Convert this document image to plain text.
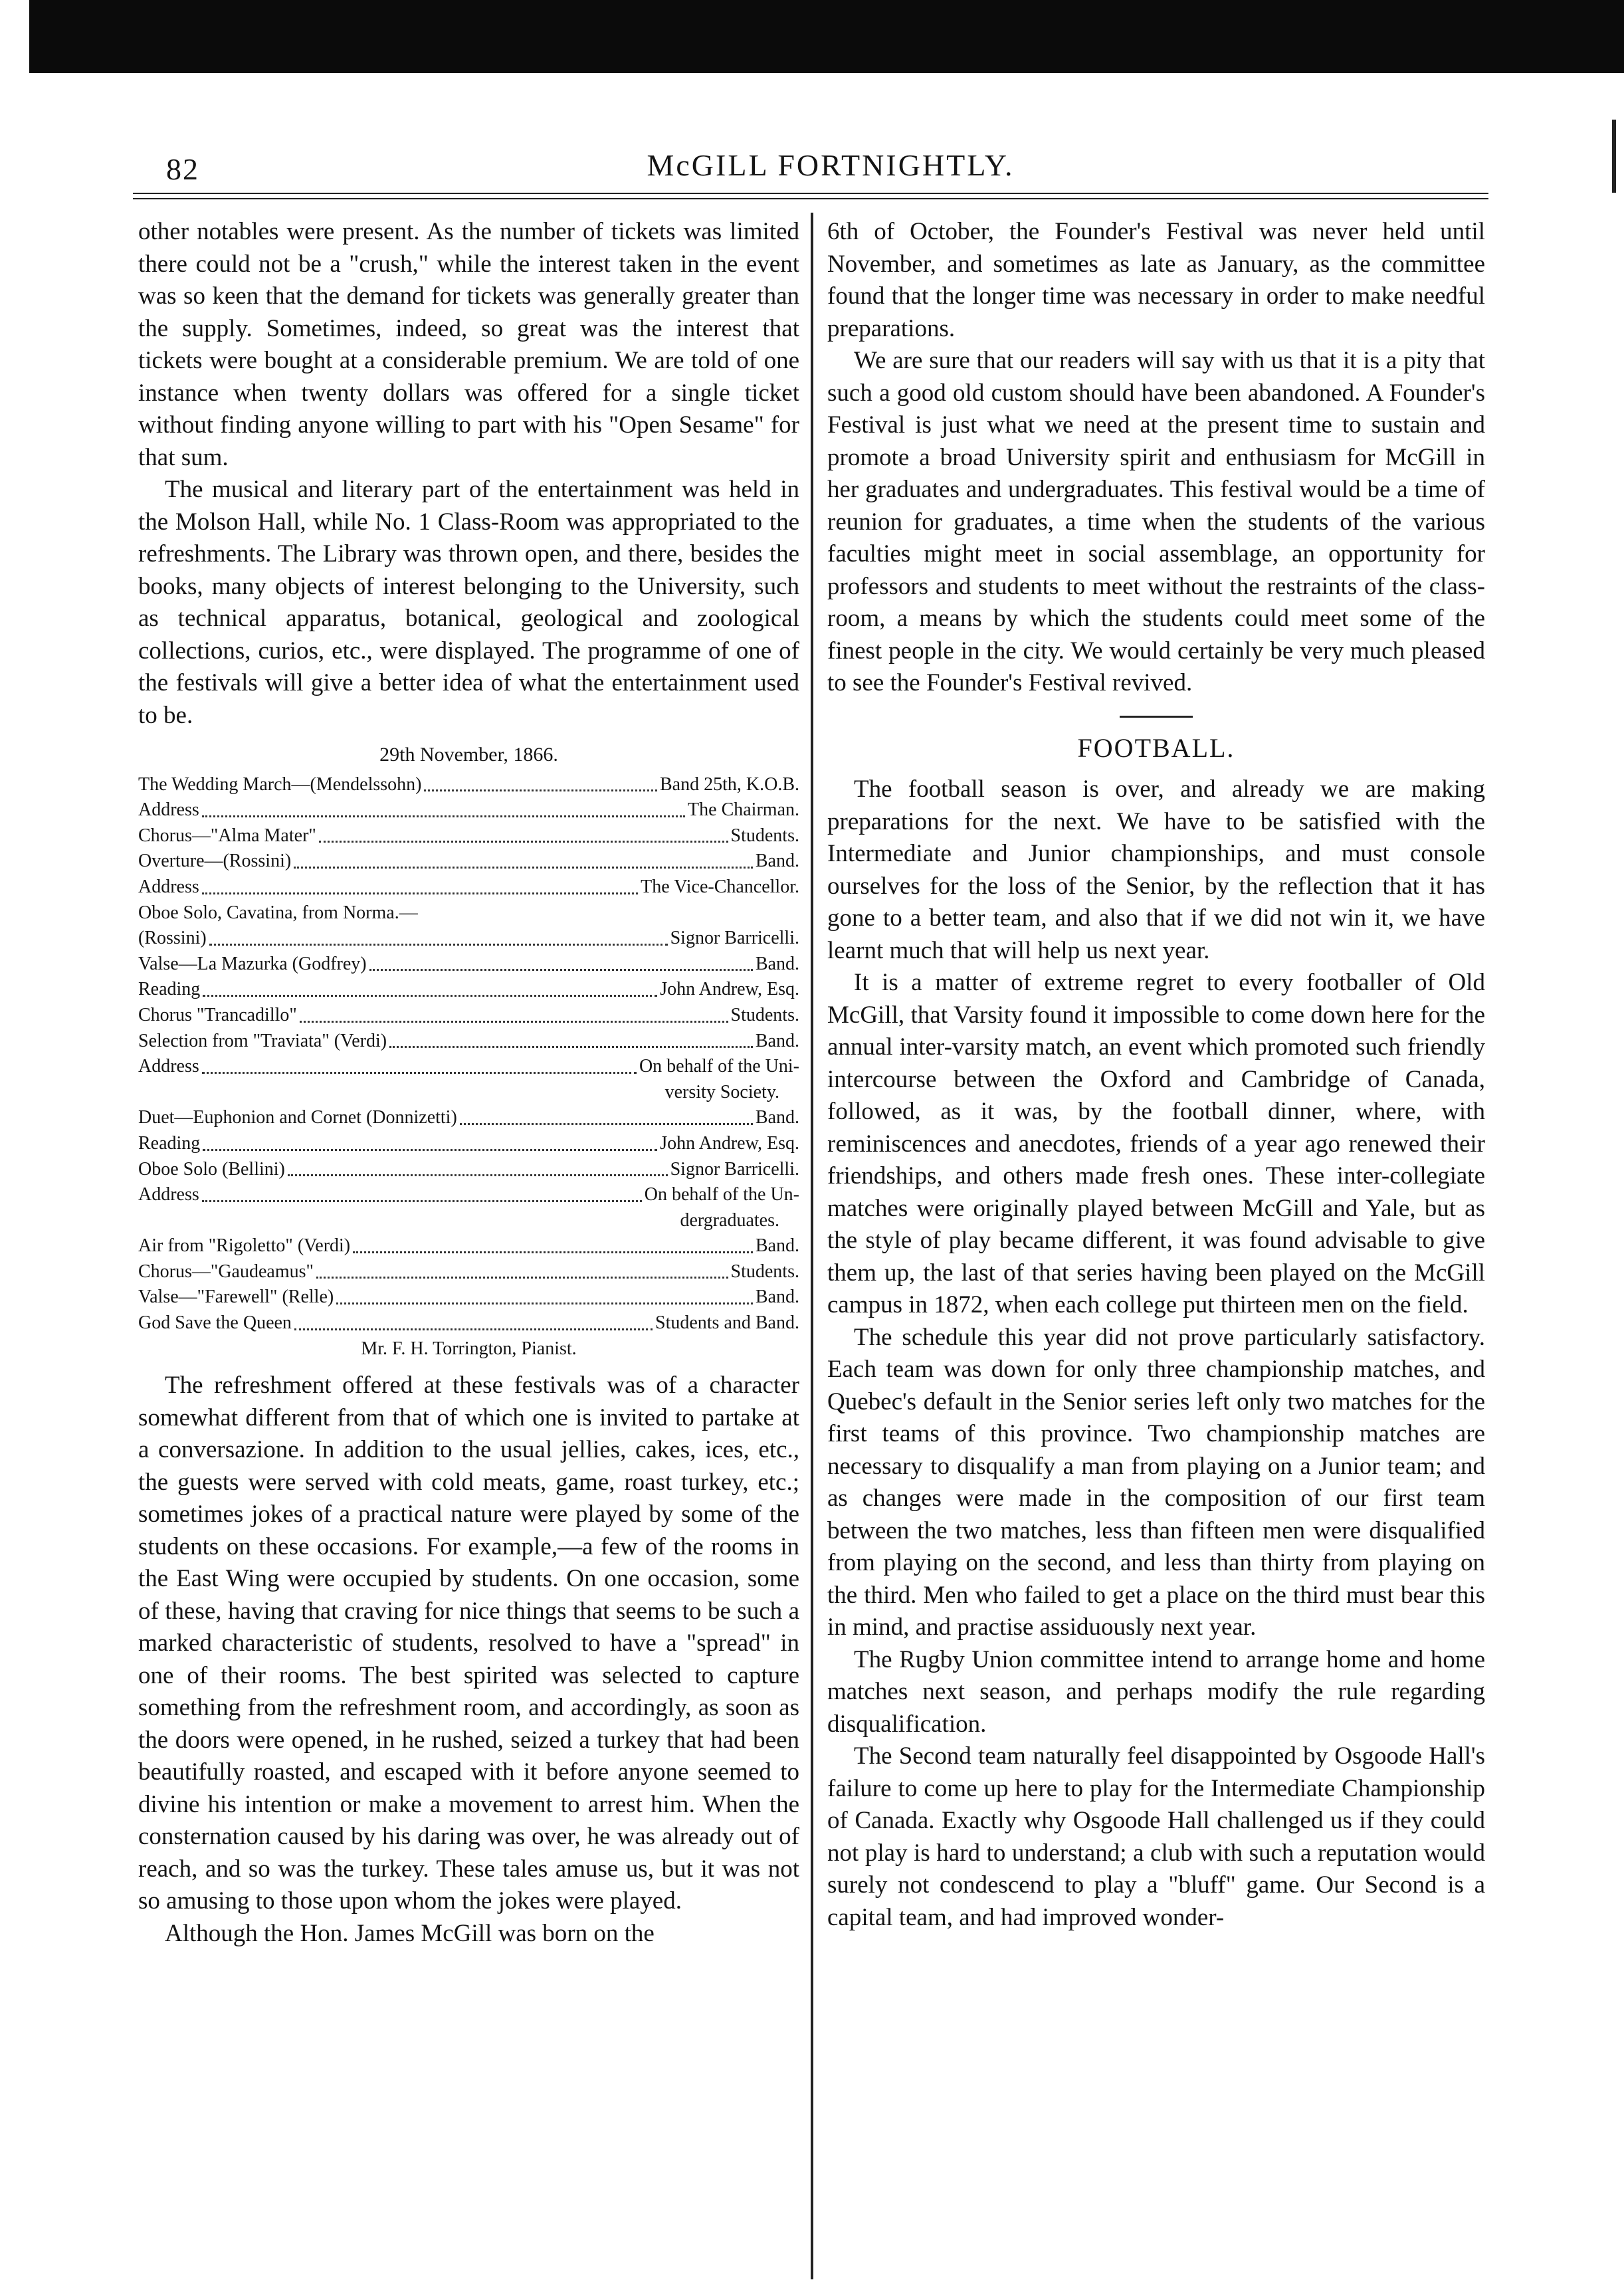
82	McGILL FORTNIGHTLY.

other notables were present. As the number of tickets was limited there could not be a "crush," while the interest taken in the event was so keen that the demand for tickets was generally greater than the supply. Sometimes, indeed, so great was the interest that tickets were bought at a considerable premium. We are told of one instance when twenty dollars was offered for a single ticket without finding anyone willing to part with his "Open Sesame" for that sum.

The musical and literary part of the entertainment was held in the Molson Hall, while No. 1 Class-Room was appropriated to the refreshments. The Library was thrown open, and there, besides the books, many objects of interest belonging to the University, such as technical apparatus, botanical, geological and zoological collections, curios, etc., were displayed. The programme of one of the festivals will give a better idea of what the entertainment used to be.

29th November, 1866.
The Wedding March—(Mendelssohn)	Band 25th, K.O.B.
Address	The Chairman.
Chorus—"Alma Mater"	Students.
Overture—(Rossini)	Band.
Address	The Vice-Chancellor.
Oboe Solo, Cavatina, from Norma.—
(Rossini)	Signor Barricelli.
Valse—La Mazurka (Godfrey)	Band.
Reading	John Andrew, Esq.
Chorus "Trancadillo"	Students.
Selection from "Traviata" (Verdi)	Band.
Address	On behalf of the Uni-
versity Society.
Duet—Euphonion and Cornet (Donnizetti)	Band.
Reading	John Andrew, Esq.
Oboe Solo (Bellini)	Signor Barricelli.
Address	On behalf of the Un-
dergraduates.
Air from "Rigoletto" (Verdi)	Band.
Chorus—"Gaudeamus"	Students.
Valse—"Farewell" (Relle)	Band.
God Save the Queen	Students and Band.
Mr. F. H. Torrington, Pianist.

The refreshment offered at these festivals was of a character somewhat different from that of which one is invited to partake at a conversazione. In addition to the usual jellies, cakes, ices, etc., the guests were served with cold meats, game, roast turkey, etc.; sometimes jokes of a practical nature were played by some of the students on these occasions. For example,—a few of the rooms in the East Wing were occupied by students. On one occasion, some of these, having that craving for nice things that seems to be such a marked characteristic of students, resolved to have a "spread" in one of their rooms. The best spirited was selected to capture something from the refreshment room, and accordingly, as soon as the doors were opened, in he rushed, seized a turkey that had been beautifully roasted, and escaped with it before anyone seemed to divine his intention or make a movement to arrest him. When the consternation caused by his daring was over, he was already out of reach, and so was the turkey. These tales amuse us, but it was not so amusing to those upon whom the jokes were played.

Although the Hon. James McGill was born on the

6th of October, the Founder's Festival was never held until November, and sometimes as late as January, as the committee found that the longer time was necessary in order to make needful preparations.

We are sure that our readers will say with us that it is a pity that such a good old custom should have been abandoned. A Founder's Festival is just what we need at the present time to sustain and promote a broad University spirit and enthusiasm for McGill in her graduates and undergraduates. This festival would be a time of reunion for graduates, a time when the students of the various faculties might meet in social assemblage, an opportunity for professors and students to meet without the restraints of the class-room, a means by which the students could meet some of the finest people in the city. We would certainly be very much pleased to see the Founder's Festival revived.

FOOTBALL.

The football season is over, and already we are making preparations for the next. We have to be satisfied with the Intermediate and Junior championships, and must console ourselves for the loss of the Senior, by the reflection that it has gone to a better team, and also that if we did not win it, we have learnt much that will help us next year.

It is a matter of extreme regret to every footballer of Old McGill, that Varsity found it impossible to come down here for the annual inter-varsity match, an event which promoted such friendly intercourse between the Oxford and Cambridge of Canada, followed, as it was, by the football dinner, where, with reminiscences and anecdotes, friends of a year ago renewed their friendships, and others made fresh ones. These inter-collegiate matches were originally played between McGill and Yale, but as the style of play became different, it was found advisable to give them up, the last of that series having been played on the McGill campus in 1872, when each college put thirteen men on the field.

The schedule this year did not prove particularly satisfactory. Each team was down for only three championship matches, and Quebec's default in the Senior series left only two matches for the first teams of this province. Two championship matches are necessary to disqualify a man from playing on a Junior team; and as changes were made in the composition of our first team between the two matches, less than fifteen men were disqualified from playing on the second, and less than thirty from playing on the third. Men who failed to get a place on the third must bear this in mind, and practise assiduously next year.

The Rugby Union committee intend to arrange home and home matches next season, and perhaps modify the rule regarding disqualification.

The Second team naturally feel disappointed by Osgoode Hall's failure to come up here to play for the Intermediate Championship of Canada. Exactly why Osgoode Hall challenged us if they could not play is hard to understand; a club with such a reputation would surely not condescend to play a "bluff" game. Our Second is a capital team, and had improved wonder-
